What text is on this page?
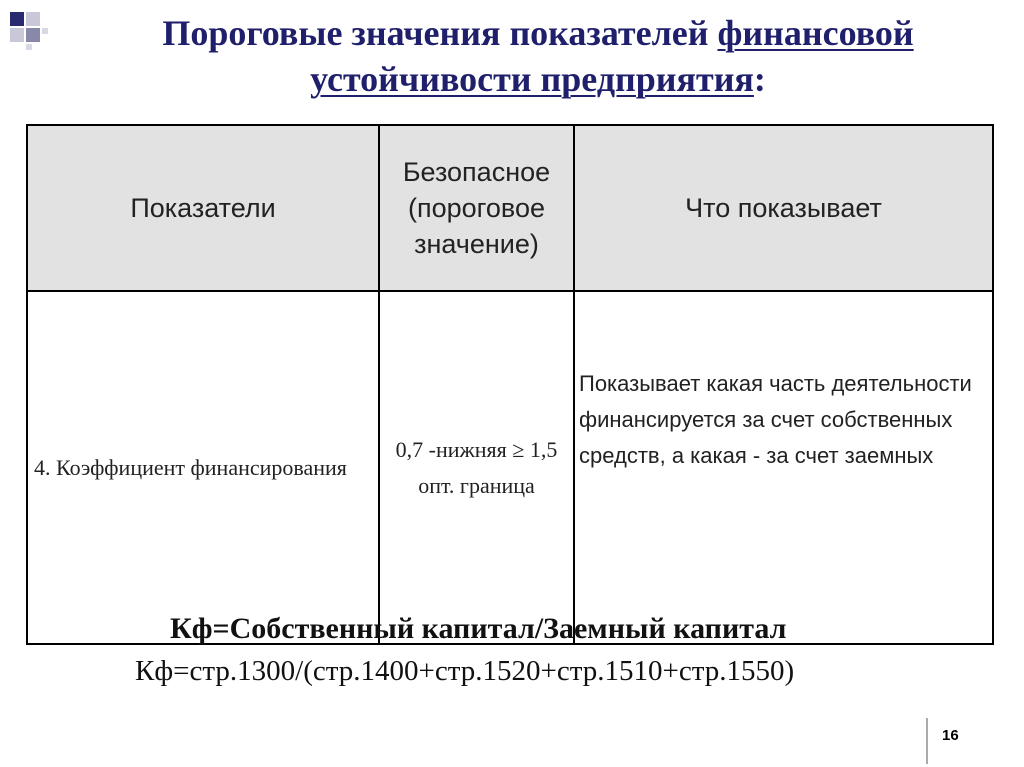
Пороговые значения показателей финансовой
устойчивости предприятия:
Показатели	Безопасное (пороговое значение)	Что показывает
4. Коэффициент финансирования	0,7 -нижняя ≥ 1,5 опт. граница	Показывает какая часть деятельности финансируется за счет собственных средств, а какая - за счет заемных
Кф=Собственный капитал/Заемный капитал
Кф=стр.1300/(стр.1400+стр.1520+стр.1510+стр.1550)
16
